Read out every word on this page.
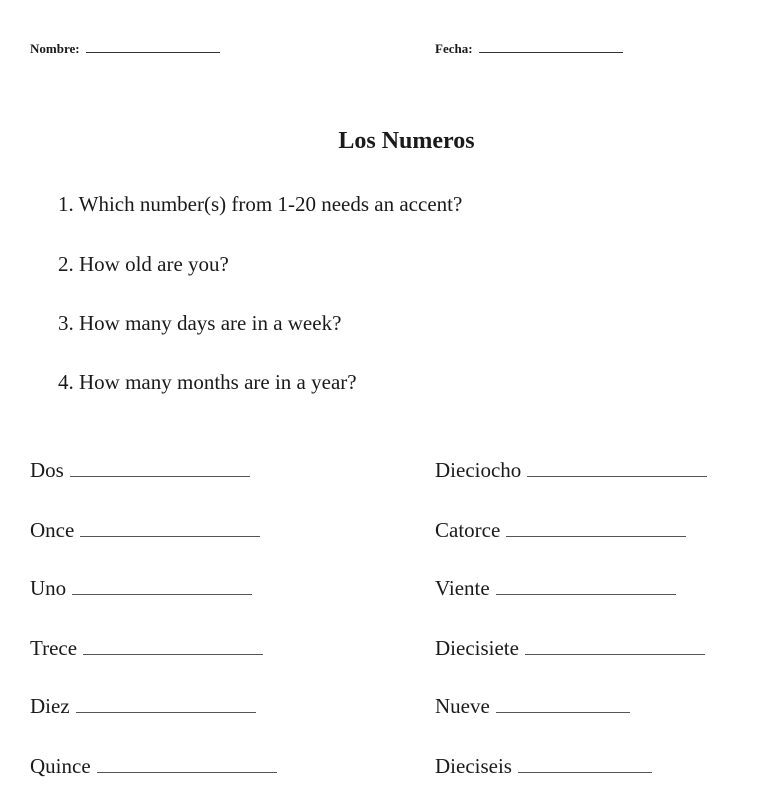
Nombre:	Fecha:
Los Numeros
1. Which number(s) from 1-20 needs an accent?
2. How old are you?
3. How many days are in a week?
4. How many months are in a year?
Dos
Once
Uno
Trece
Diez
Quince
Dieciocho
Catorce
Viente
Diecisiete
Nueve
Dieciseis
